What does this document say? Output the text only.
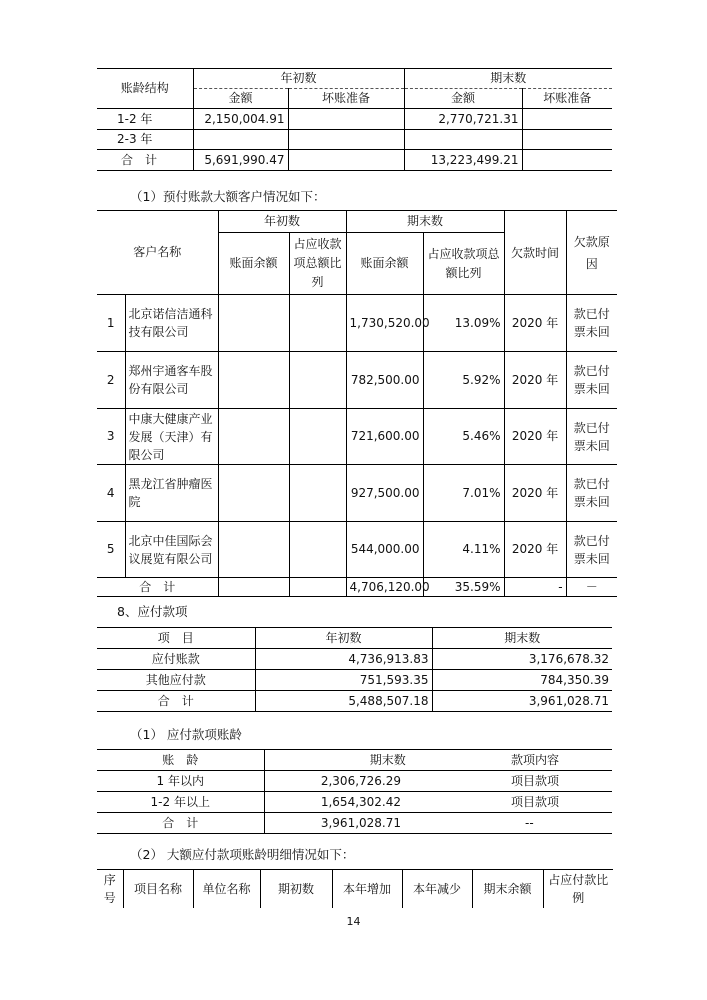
账龄结构	年初数		期末数	
	金额	坏账准备	金额	坏账准备
1-2 年	2,150,004.91		2,770,721.31	
2-3 年				
合　计	5,691,990.47		13,223,499.21	
（1）预付账款大额客户情况如下：
客户名称		年初数		期末数		欠款时间	欠款原因
		账面余额	占应收款项总额比列	账面余额	占应收款项总额比列		
1	北京诺信洁通科技有限公司			1,730,520.00	13.09%	2020 年	款已付票未回
2	郑州宇通客车股份有限公司			782,500.00	5.92%	2020 年	款已付票未回
3	中康大健康产业发展（天津）有限公司			721,600.00	5.46%	2020 年	款已付票未回
4	黑龙江省肿瘤医院			927,500.00	7.01%	2020 年	款已付票未回
5	北京中佳国际会议展览有限公司			544,000.00	4.11%	2020 年	款已付票未回
合　计				4,706,120.00	35.59%	-	－
8、应付款项
项　目	年初数	期末数
应付账款	4,736,913.83	3,176,678.32
其他应付款	751,593.35	784,350.39
合　计	5,488,507.18	3,961,028.71
（1） 应付款项账龄
账　龄	期末数	款项内容
1 年以内	2,306,726.29	项目款项
1-2 年以上	1,654,302.42	项目款项
合　计	3,961,028.71	--
（2） 大额应付款项账龄明细情况如下：
序号	项目名称	单位名称	期初数	本年增加	本年减少	期末余额	占应付款比例
14
